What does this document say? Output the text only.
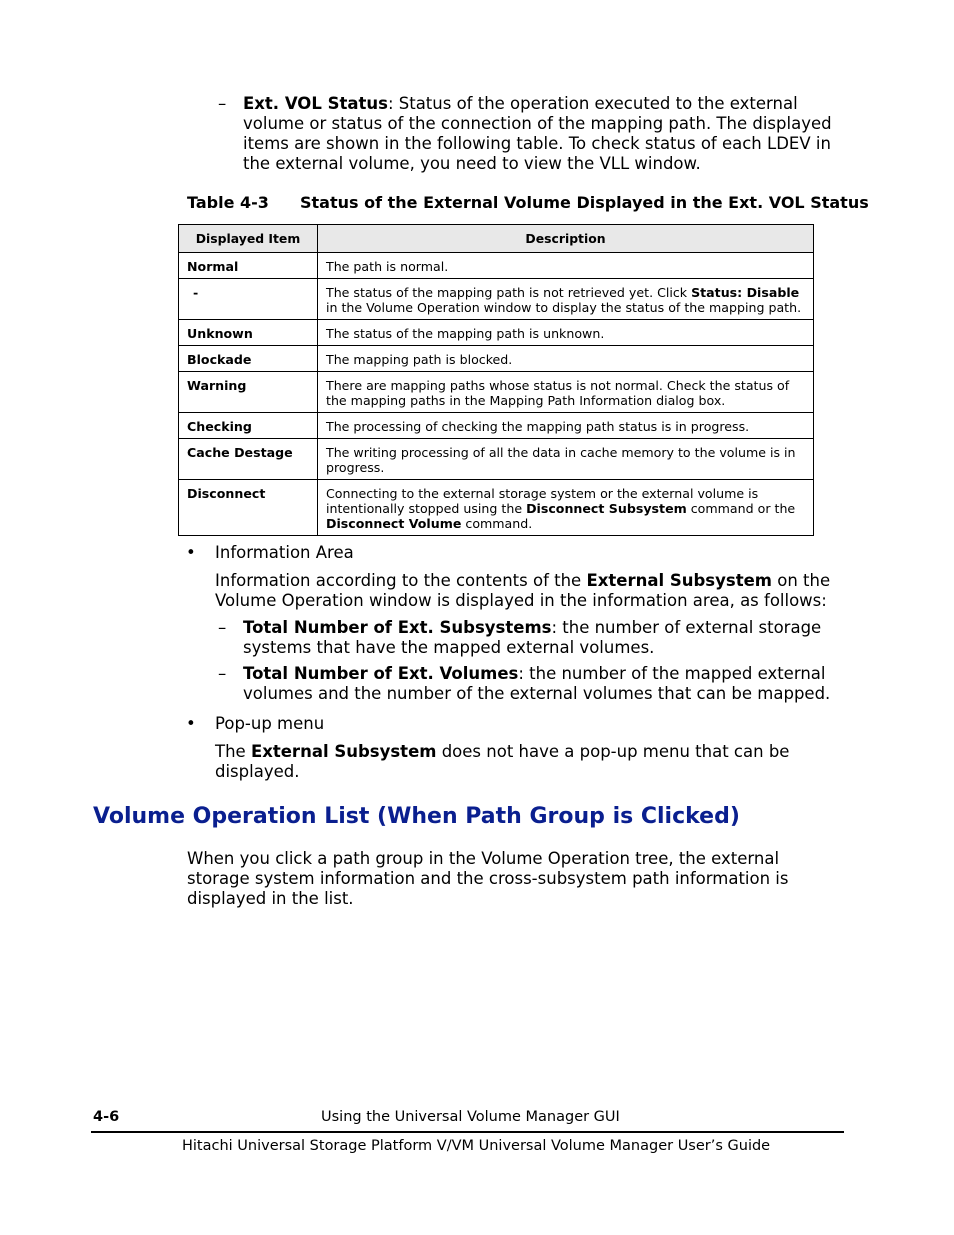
– Ext. VOL Status: Status of the operation executed to the external volume or status of the connection of the mapping path. The displayed items are shown in the following table. To check status of each LDEV in the external volume, you need to view the VLL window.
Table 4-3 Status of the External Volume Displayed in the Ext. VOL Status
Displayed Item	Description
Normal	The path is normal.
-	The status of the mapping path is not retrieved yet. Click Status: Disable in the Volume Operation window to display the status of the mapping path.
Unknown	The status of the mapping path is unknown.
Blockade	The mapping path is blocked.
Warning	There are mapping paths whose status is not normal. Check the status of the mapping paths in the Mapping Path Information dialog box.
Checking	The processing of checking the mapping path status is in progress.
Cache Destage	The writing processing of all the data in cache memory to the volume is in progress.
Disconnect	Connecting to the external storage system or the external volume is intentionally stopped using the Disconnect Subsystem command or the Disconnect Volume command.
• Information Area
Information according to the contents of the External Subsystem on the Volume Operation window is displayed in the information area, as follows:
– Total Number of Ext. Subsystems: the number of external storage systems that have the mapped external volumes.
– Total Number of Ext. Volumes: the number of the mapped external volumes and the number of the external volumes that can be mapped.
• Pop-up menu
The External Subsystem does not have a pop-up menu that can be displayed.
Volume Operation List (When Path Group is Clicked)
When you click a path group in the Volume Operation tree, the external storage system information and the cross-subsystem path information is displayed in the list.
4-6	Using the Universal Volume Manager GUI
Hitachi Universal Storage Platform V/VM Universal Volume Manager User’s Guide
